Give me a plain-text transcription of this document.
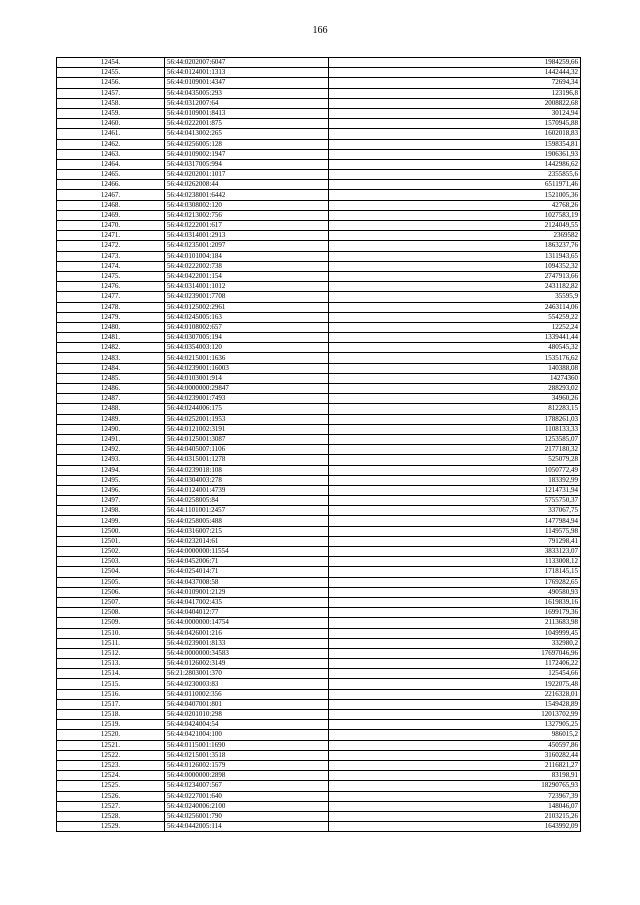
166
12454.	56:44:0202007:6047	1984259,66
12455.	56:44:0124001:1313	1442444,32
12456.	56:44:0109001:4347	72694,34
12457.	56:44:0435005:293	123196,8
12458.	56:44:0312007:64	2008822,68
12459.	56:44:0109001:8413	30124,94
12460.	56:44:0222001:875	1570945,88
12461.	56:44:0413002:265	1602018,83
12462.	56:44:0256005:128	1598354,81
12463.	56:44:0109002:1947	1906361,93
12464.	56:44:0317005:994	1442986,62
12465.	56:44:0202001:1017	2355855,6
12466.	56:44:0262008:44	6511971,46
12467.	56:44:0238001:6442	1521005,36
12468.	56:44:0308002:120	42768,26
12469.	56:44:0213002:756	1027583,19
12470.	56:44:0222001:617	2124049,55
12471.	56:44:0314001:2913	2369582
12472.	56:44:0235001:2097	1863237,76
12473.	56:44:0101004:184	1311943,65
12474.	56:44:0222002:738	1094352,32
12475.	56:44:0422001:154	2747913,66
12476.	56:44:0314001:1012	2431182,82
12477.	56:44:0239001:7708	35595,9
12478.	56:44:0125002:2961	2463114,06
12479.	56:44:0245005:163	554259,22
12480.	56:44:0108002:657	12252,24
12481.	56:44:0307005:194	1339441,44
12482.	56:44:0354003:120	480545,32
12483.	56:44:0215001:1636	1535176,62
12484.	56:44:0239001:16003	140388,08
12485.	56:44:0103001:914	14274360
12486.	56:44:0000000:29847	288293,02
12487.	56:44:0239001:7493	34960,26
12488.	56:44:0244006:175	812283,15
12489.	56:44:0252001:1953	1788261,03
12490.	56:44:0121002:3191	1108133,33
12491.	56:44:0125001:3087	1253585,07
12492.	56:44:0405007:1106	2177180,32
12493.	56:44:0315001:1278	525079,28
12494.	56:44:0239018:108	1050772,49
12495.	56:44:0304003:278	183392,99
12496.	56:44:0124001:4739	1214731,94
12497.	56:44:0258005:84	5755750,37
12498.	56:44:1101001:2457	337067,75
12499.	56:44:0258005:488	1477984,94
12500.	56:44:0316007:215	1149575,98
12501.	56:44:0232014:61	791298,41
12502.	56:44:0000000:11554	3833123,07
12503.	56:44:0452006:71	1133008,12
12504.	56:44:0254014:71	1718145,15
12505.	56:44:0437008:58	1769282,65
12506.	56:44:0109001:2129	490580,93
12507.	56:44:0417002:435	1619839,16
12508.	56:44:0404012:77	1699179,36
12509.	56:44:0000000:14754	2113683,98
12510.	56:44:0426001:216	1049999,45
12511.	56:44:0239001:8133	332980,2
12512.	56:44:0000000:34583	17697046,96
12513.	56:44:0126002:3149	1172406,22
12514.	56:21:2803001:370	125454,66
12515.	56:44:0230003:83	1922075,48
12516.	56:44:0110002:356	2216328,01
12517.	56:44:0407001:801	1549428,89
12518.	56:44:0201010:298	12013702,99
12519.	56:44:0424004:54	1327905,25
12520.	56:44:0421004:100	986015,2
12521.	56:44:0115001:1690	450597,86
12522.	56:44:0215001:3518	3160282,44
12523.	56:44:0126002:1579	2116821,27
12524.	56:44:0000000:2898	83198,91
12525.	56:44:0234007:567	18290765,93
12526.	56:44:0227001:640	723967,39
12527.	56:44:0240006:2100	148046,07
12528.	56:44:0256001:790	2103215,26
12529.	56:44:0442005:114	1643992,09
